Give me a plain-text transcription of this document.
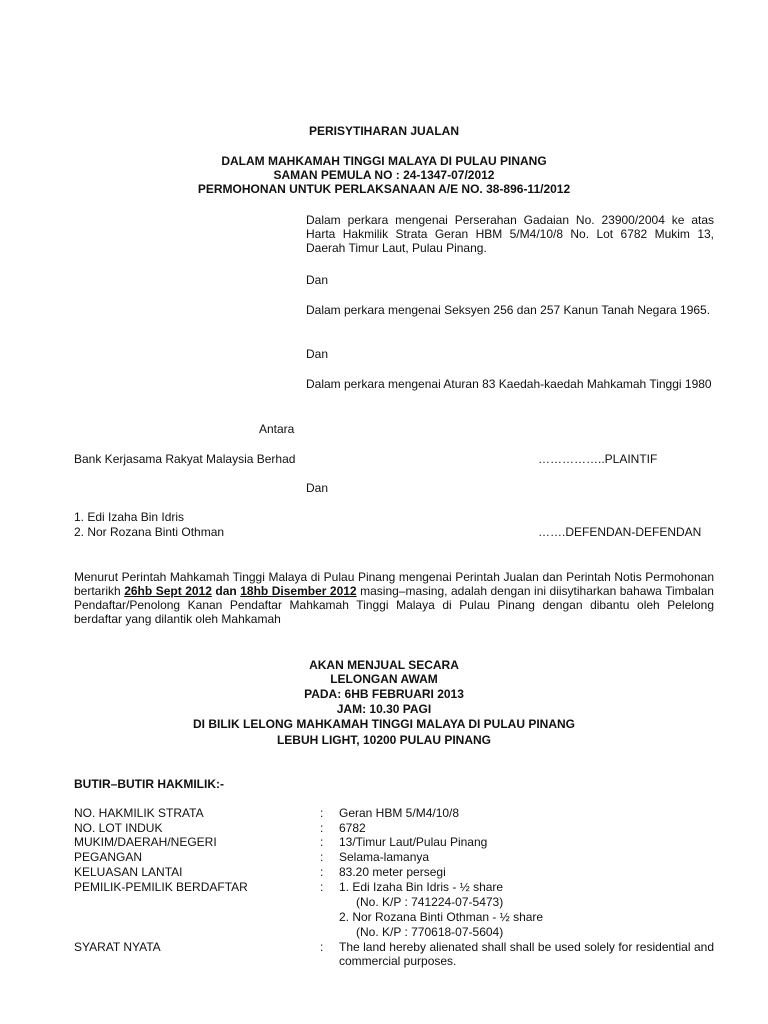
PERISYTIHARAN JUALAN
DALAM MAHKAMAH TINGGI MALAYA DI PULAU PINANG
SAMAN PEMULA NO : 24-1347-07/2012
PERMOHONAN UNTUK PERLAKSANAAN A/E NO. 38-896-11/2012
Dalam perkara mengenai Perserahan Gadaian No. 23900/2004 ke atas Harta Hakmilik Strata Geran HBM 5/M4/10/8 No. Lot 6782 Mukim 13, Daerah Timur Laut, Pulau Pinang.
Dan
Dalam perkara mengenai Seksyen 256 dan 257 Kanun Tanah Negara 1965.
Dan
Dalam perkara mengenai Aturan 83 Kaedah-kaedah Mahkamah Tinggi 1980
Antara
Bank Kerjasama Rakyat Malaysia Berhad	……………..PLAINTIF
Dan
1. Edi Izaha Bin Idris
2. Nor Rozana Binti Othman	…….DEFENDAN-DEFENDAN
Menurut Perintah Mahkamah Tinggi Malaya di Pulau Pinang mengenai Perintah Jualan dan Perintah Notis Permohonan bertarikh 26hb Sept 2012 dan 18hb Disember 2012 masing–masing, adalah dengan ini diisytiharkan bahawa Timbalan Pendaftar/Penolong Kanan Pendaftar Mahkamah Tinggi Malaya di Pulau Pinang dengan dibantu oleh Pelelong berdaftar yang dilantik oleh Mahkamah
AKAN MENJUAL SECARA
LELONGAN AWAM
PADA: 6HB FEBRUARI 2013
JAM: 10.30 PAGI
DI BILIK LELONG MAHKAMAH TINGGI MALAYA DI PULAU PINANG
LEBUH LIGHT, 10200 PULAU PINANG
BUTIR–BUTIR HAKMILIK:-
NO. HAKMILIK STRATA	: Geran HBM 5/M4/10/8
NO. LOT INDUK	: 6782
MUKIM/DAERAH/NEGERI	: 13/Timur Laut/Pulau Pinang
PEGANGAN	: Selama-lamanya
KELUASAN LANTAI	: 83.20 meter persegi
PEMILIK-PEMILIK BERDAFTAR	: 1. Edi Izaha Bin Idris - ½ share
(No. K/P : 741224-07-5473)
2. Nor Rozana Binti Othman - ½ share
(No. K/P : 770618-07-5604)
SYARAT NYATA	: The land hereby alienated shall shall be used solely for residential and commercial purposes.
